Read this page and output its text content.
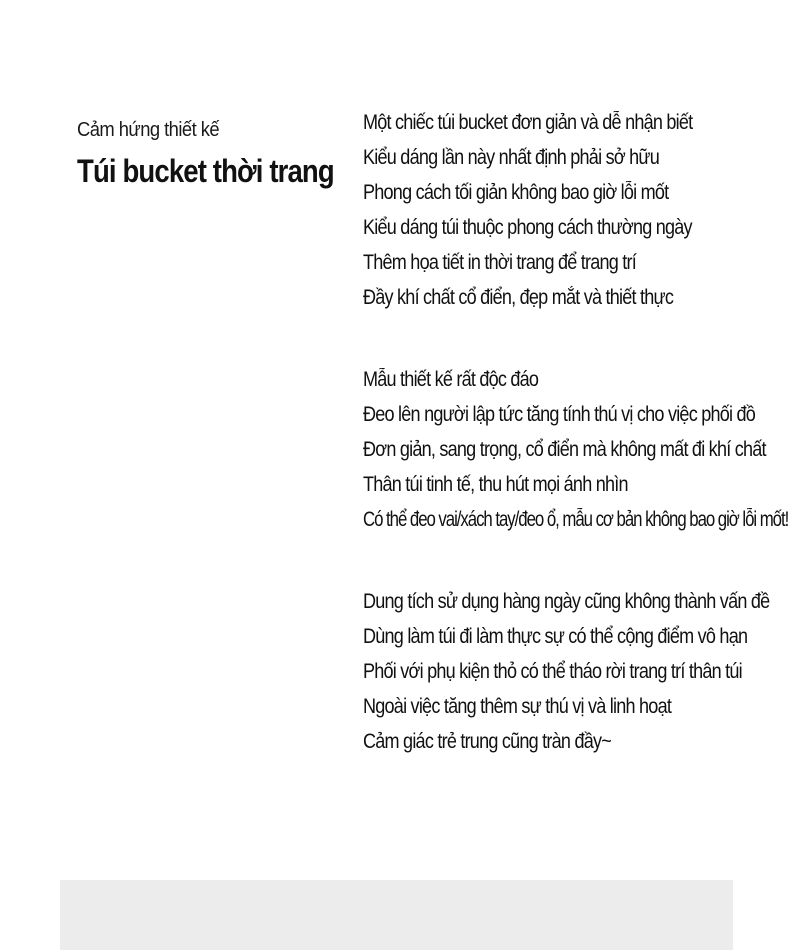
Cảm hứng thiết kế
Túi bucket thời trang
Một chiếc túi bucket đơn giản và dễ nhận biết
Kiểu dáng lần này nhất định phải sở hữu
Phong cách tối giản không bao giờ lỗi mốt
Kiểu dáng túi thuộc phong cách thường ngày
Thêm họa tiết in thời trang để trang trí
Đầy khí chất cổ điển, đẹp mắt và thiết thực
Mẫu thiết kế rất độc đáo
Đeo lên người lập tức tăng tính thú vị cho việc phối đồ
Đơn giản, sang trọng, cổ điển mà không mất đi khí chất
Thân túi tinh tế, thu hút mọi ánh nhìn
Có thể đeo vai/xách tay/đeo ổ, mẫu cơ bản không bao giờ lỗi mốt!
Dung tích sử dụng hàng ngày cũng không thành vấn đề
Dùng làm túi đi làm thực sự có thể cộng điểm vô hạn
Phối với phụ kiện thỏ có thể tháo rời trang trí thân túi
Ngoài việc tăng thêm sự thú vị và linh hoạt
Cảm giác trẻ trung cũng tràn đầy~
